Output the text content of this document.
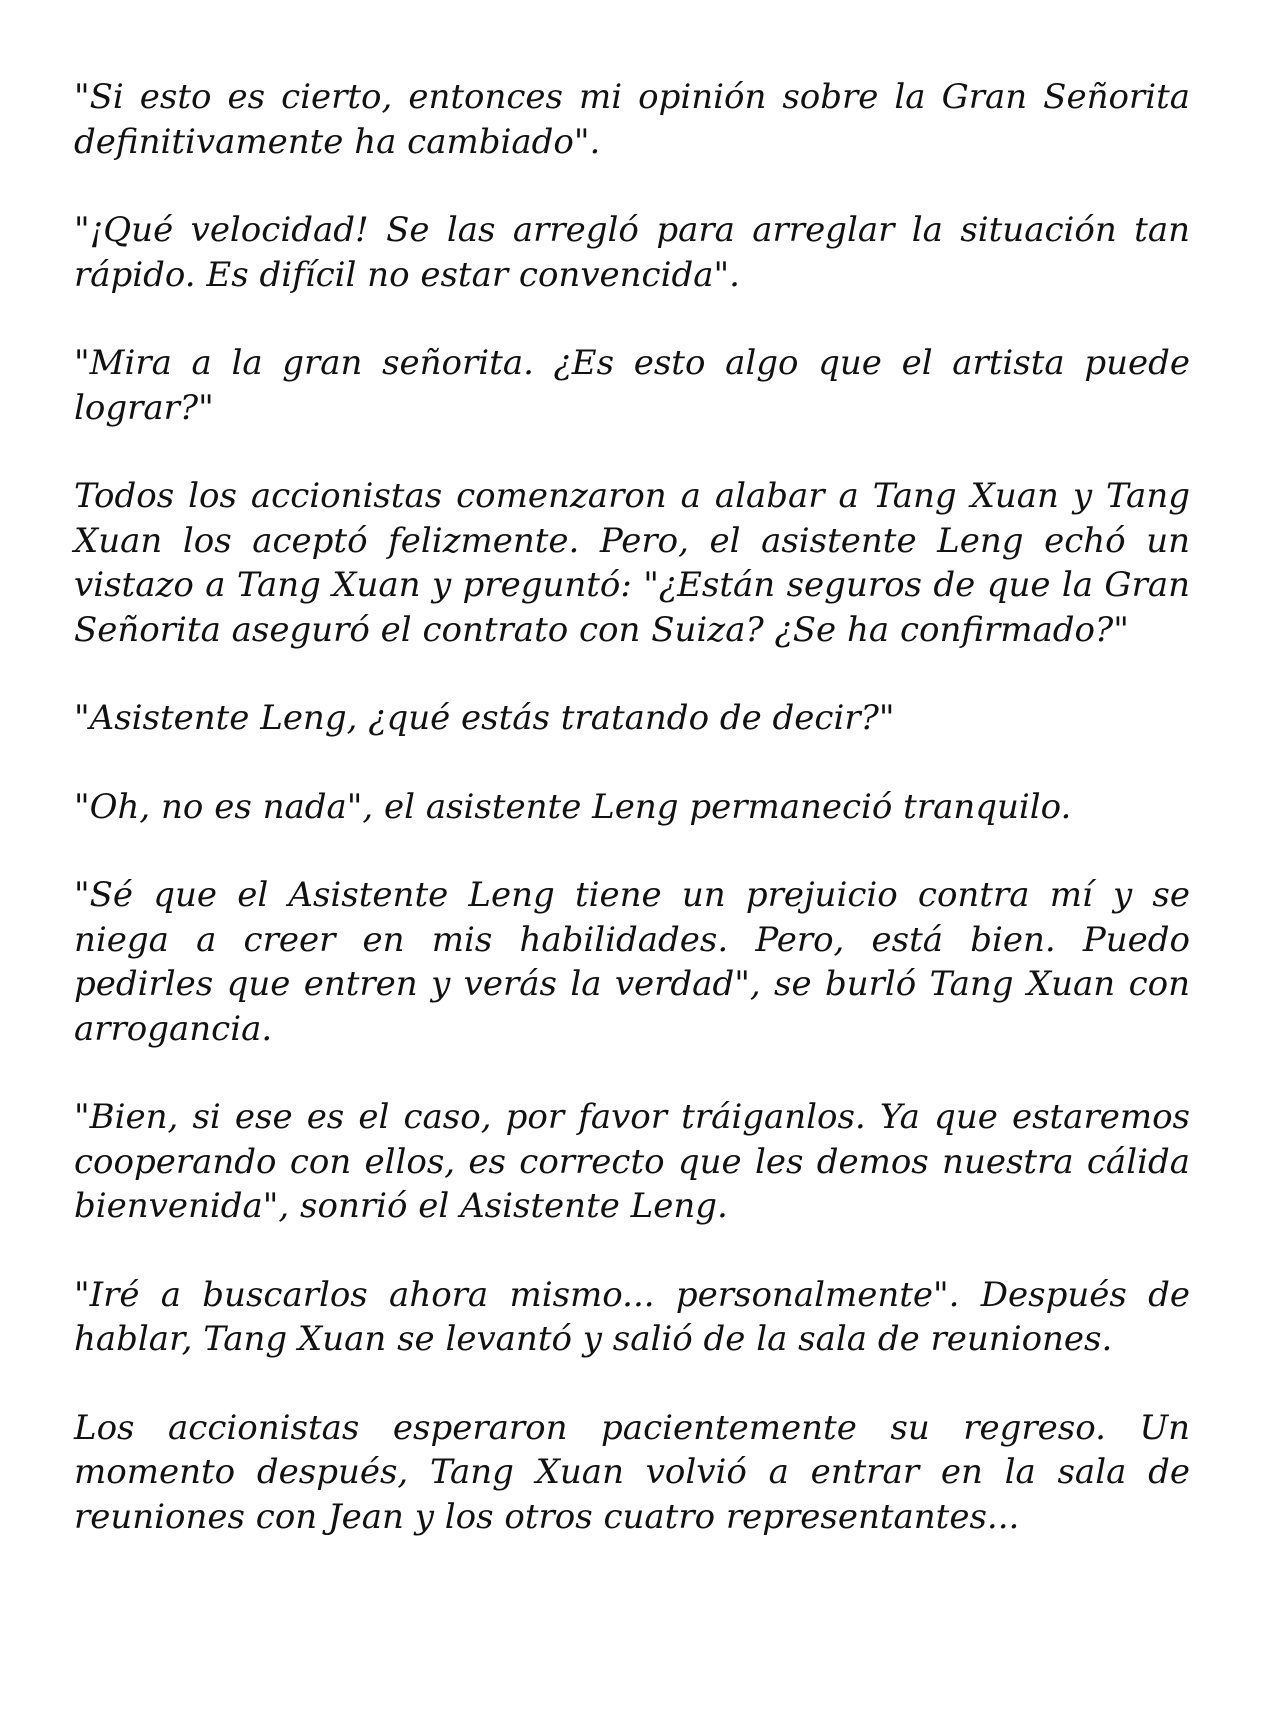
"Si esto es cierto, entonces mi opinión sobre la Gran Señorita definitivamente ha cambiado".

"¡Qué velocidad! Se las arregló para arreglar la situación tan rápido. Es difícil no estar convencida".

"Mira a la gran señorita. ¿Es esto algo que el artista puede lograr?"

Todos los accionistas comenzaron a alabar a Tang Xuan y Tang Xuan los aceptó felizmente. Pero, el asistente Leng echó un vistazo a Tang Xuan y preguntó: "¿Están seguros de que la Gran Señorita aseguró el contrato con Suiza? ¿Se ha confirmado?"

"Asistente Leng, ¿qué estás tratando de decir?"

"Oh, no es nada", el asistente Leng permaneció tranquilo.

"Sé que el Asistente Leng tiene un prejuicio contra mí y se niega a creer en mis habilidades. Pero, está bien. Puedo pedirles que entren y verás la verdad", se burló Tang Xuan con arrogancia.

"Bien, si ese es el caso, por favor tráiganlos. Ya que estaremos cooperando con ellos, es correcto que les demos nuestra cálida bienvenida", sonrió el Asistente Leng.

"Iré a buscarlos ahora mismo... personalmente". Después de hablar, Tang Xuan se levantó y salió de la sala de reuniones.

Los accionistas esperaron pacientemente su regreso. Un momento después, Tang Xuan volvió a entrar en la sala de reuniones con Jean y los otros cuatro representantes...
